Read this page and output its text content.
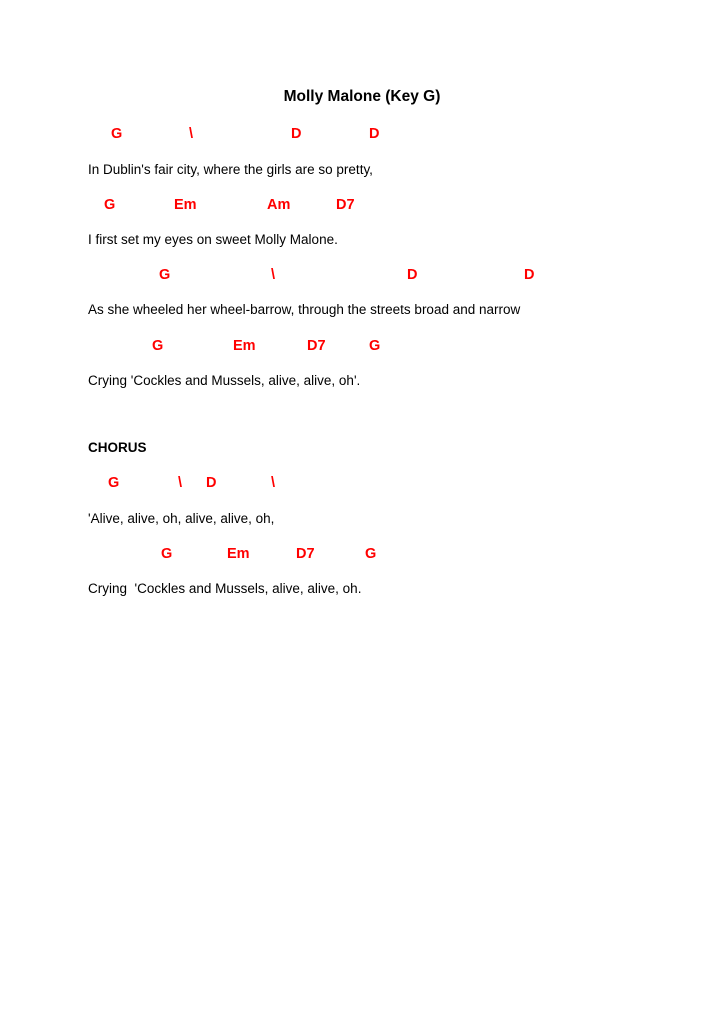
Molly Malone (Key G)
G	\	D	D
In Dublin's fair city, where the girls are so pretty,
G	Em	Am	D7
I first set my eyes on sweet Molly Malone.
G	\	D	D
As she wheeled her wheel-barrow, through the streets broad and narrow
G	Em	D7	G
Crying 'Cockles and Mussels, alive, alive, oh'.
CHORUS
G	\ D	\
'Alive, alive, oh, alive, alive, oh,
G	Em	D7	G
Crying  'Cockles and Mussels, alive, alive, oh.
